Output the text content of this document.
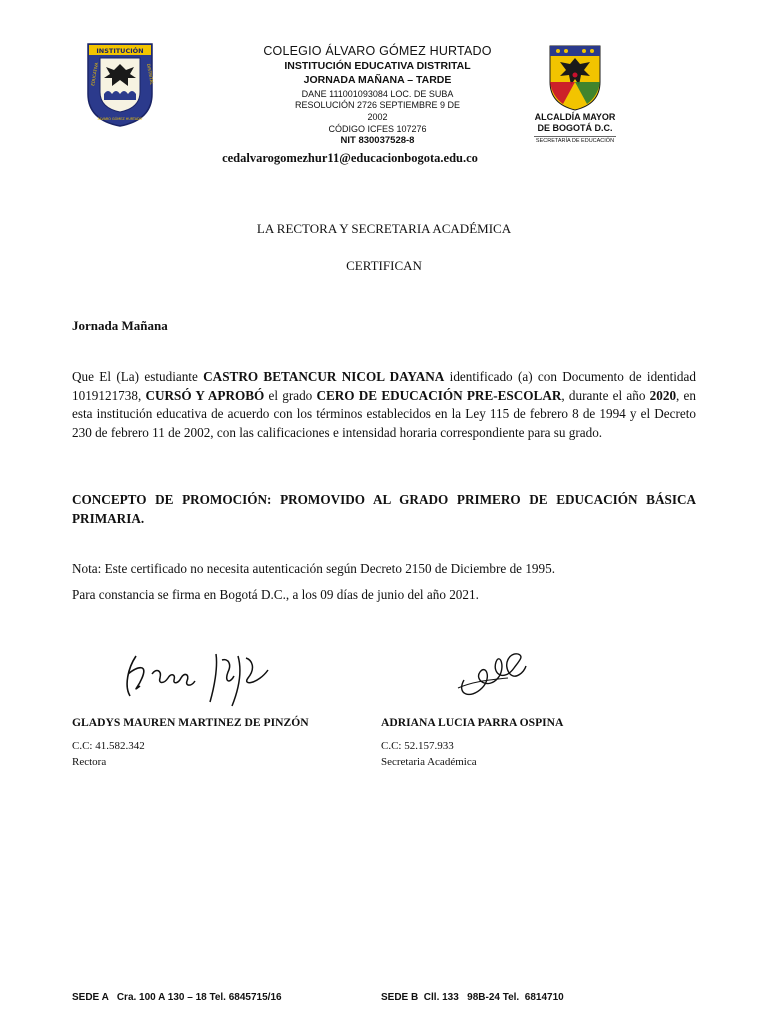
INSTITUCIÓN
EDUCATIVA	DISTRITAL
ÁLVARO GÓMEZ HURTADO
COLEGIO ÁLVARO GÓMEZ HURTADO
INSTITUCIÓN EDUCATIVA DISTRITAL
JORNADA MAÑANA – TARDE
DANE 111001093084 LOC. DE SUBA
RESOLUCIÓN 2726 SEPTIEMBRE 9 DE
2002
CÓDIGO ICFES 107276
NIT 830037528-8
cedalvarogomezhur11@educacionbogota.edu.co
ALCALDÍA MAYOR
DE BOGOTÁ D.C.
SECRETARÍA DE EDUCACIÓN
LA RECTORA Y SECRETARIA ACADÉMICA
CERTIFICAN
Jornada Mañana
Que El (La) estudiante CASTRO BETANCUR NICOL DAYANA identificado (a) con Documento de identidad 1019121738, CURSÓ Y APROBÓ el grado CERO DE EDUCACIÓN PRE-ESCOLAR, durante el año 2020, en esta institución educativa de acuerdo con los términos establecidos en la Ley 115 de febrero 8 de 1994 y el Decreto 230 de febrero 11 de 2002, con las calificaciones e intensidad horaria correspondiente para su grado.
CONCEPTO DE PROMOCIÓN: PROMOVIDO AL GRADO PRIMERO DE EDUCACIÓN BÁSICA PRIMARIA.
Nota: Este certificado no necesita autenticación según Decreto 2150 de Diciembre de 1995.
Para constancia se firma en Bogotá D.C., a los 09 días de junio del año 2021.
GLADYS MAUREN MARTINEZ DE PINZÓN
C.C: 41.582.342
Rectora
ADRIANA LUCIA PARRA OSPINA
C.C: 52.157.933
Secretaria Académica
SEDE A   Cra. 100 A 130 – 18 Tel. 6845715/16	SEDE B  Cll. 133   98B-24 Tel.  6814710
